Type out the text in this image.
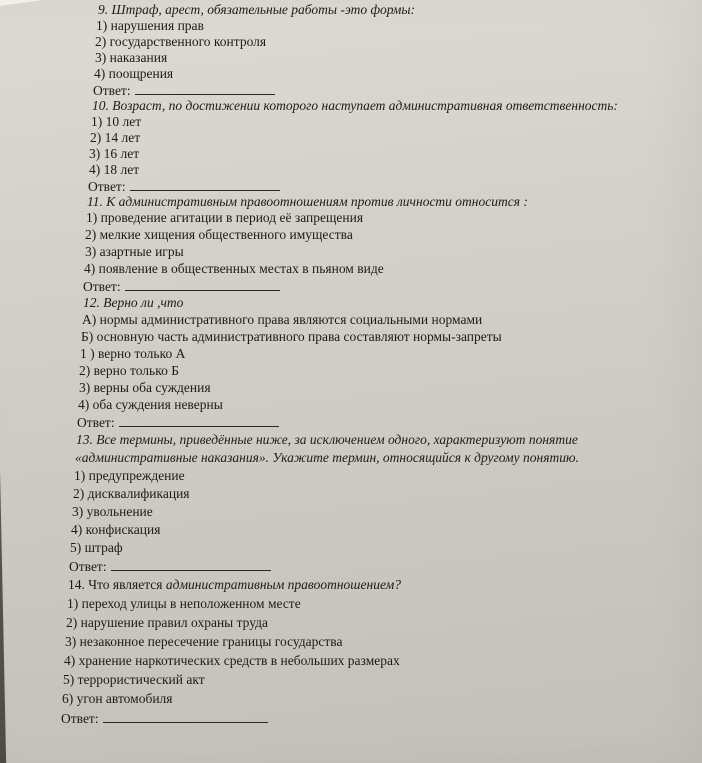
9. Штраф, арест, обязательные работы -это формы:
1) нарушения прав
2) государственного контроля
3) наказания
4) поощрения
Ответ:
10. Возраст, по достижении которого наступает административная ответственность:
1) 10 лет
2) 14 лет
3) 16 лет
4) 18 лет
Ответ:
11. К административным правоотношениям против личности относится :
1) проведение агитации в период её запрещения
2) мелкие хищения общественного имущества
3) азартные игры
4) появление в общественных местах в пьяном виде
Ответ:
12. Верно ли ,что
А) нормы административного права являются социальными нормами
Б) основную часть административного права составляют нормы-запреты
1 ) верно только А
2) верно только Б
3) верны оба суждения
4) оба суждения неверны
Ответ:
13. Все термины, приведённые ниже, за исключением одного, характеризуют понятие
«административные наказания». Укажите термин, относящийся к другому понятию.
1) предупреждение
2) дисквалификация
3) увольнение
4) конфискация
5) штраф
Ответ:
14. Что является административным правоотношением?
1) переход улицы в неположенном месте
2) нарушение правил охраны труда
3) незаконное пересечение границы государства
4) хранение наркотических средств в небольших размерах
5) террористический акт
6) угон автомобиля
Ответ:
